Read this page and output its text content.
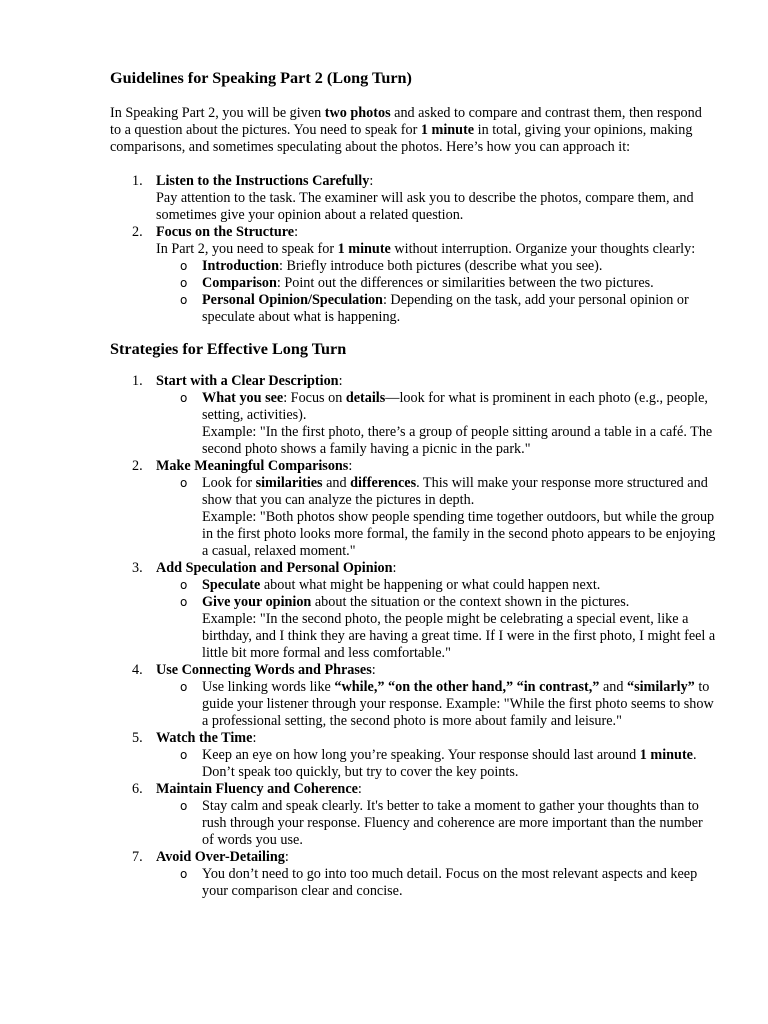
Guidelines for Speaking Part 2 (Long Turn)

In Speaking Part 2, you will be given two photos and asked to compare and contrast them, then respond to a question about the pictures. You need to speak for 1 minute in total, giving your opinions, making comparisons, and sometimes speculating about the photos. Here’s how you can approach it:

1. Listen to the Instructions Carefully:

Pay attention to the task. The examiner will ask you to describe the photos, compare them, and sometimes give your opinion about a related question.

2. Focus on the Structure:

In Part 2, you need to speak for 1 minute without interruption. Organize your thoughts clearly:

o Introduction: Briefly introduce both pictures (describe what you see).
o Comparison: Point out the differences or similarities between the two pictures.
o Personal Opinion/Speculation: Depending on the task, add your personal opinion or speculate about what is happening.
Strategies for Effective Long Turn
1. Start with a Clear Description:

o What you see: Focus on details—look for what is prominent in each photo (e.g., people, setting, activities).

Example: "In the first photo, there’s a group of people sitting around a table in a café. The second photo shows a family having a picnic in the park."

2. Make Meaningful Comparisons:

o Look for similarities and differences. This will make your response more structured and show that you can analyze the pictures in depth.

Example: "Both photos show people spending time together outdoors, but while the group in the first photo looks more formal, the family in the second photo appears to be enjoying a casual, relaxed moment."

3. Add Speculation and Personal Opinion:

o Speculate about what might be happening or what could happen next.
o Give your opinion about the situation or the context shown in the pictures.

Example: "In the second photo, the people might be celebrating a special event, like a birthday, and I think they are having a great time. If I were in the first photo, I might feel a little bit more formal and less comfortable."

4. Use Connecting Words and Phrases:

o Use linking words like “while,” “on the other hand,” “in contrast,” and “similarly” to guide your listener through your response. Example: "While the first photo seems to show a professional setting, the second photo is more about family and leisure."
5. Watch the Time:

o Keep an eye on how long you’re speaking. Your response should last around 1 minute. Don’t speak too quickly, but try to cover the key points.
6. Maintain Fluency and Coherence:

o Stay calm and speak clearly. It's better to take a moment to gather your thoughts than to rush through your response. Fluency and coherence are more important than the number of words you use.
7. Avoid Over-Detailing:

o You don’t need to go into too much detail. Focus on the most relevant aspects and keep your comparison clear and concise.
